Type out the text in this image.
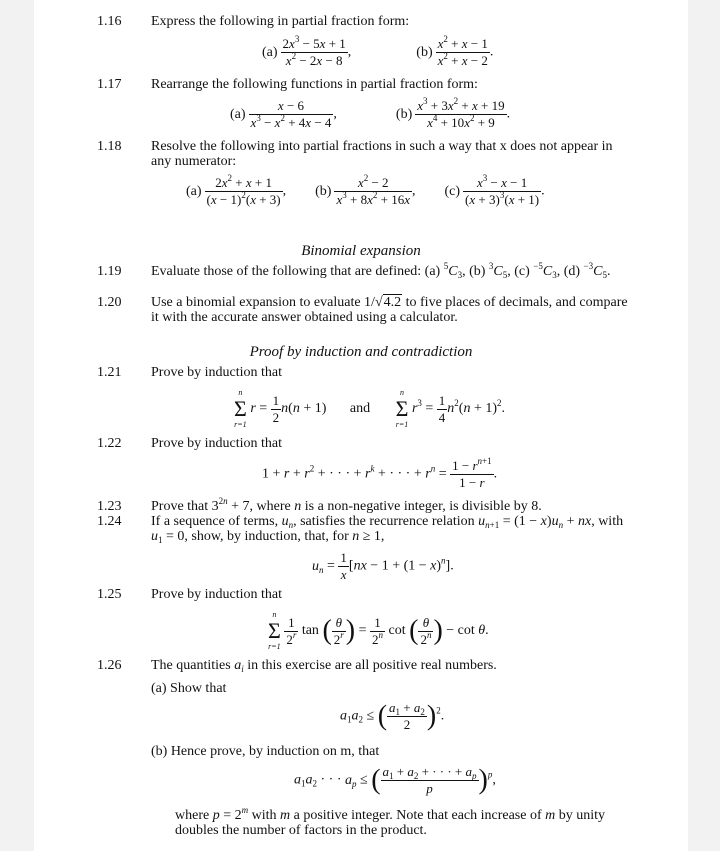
1.16 Express the following in partial fraction form:
$(a) \frac{2x^3 - 5x + 1}{x^2 - 2x - 8}$ ,	$(b) \frac{x^2 + x - 1}{x^2 + x - 2}$ .
1.17 Rearrange the following functions in partial fraction form:
$(a) \frac{x - 6}{x^3 - x^2 + 4x - 4}$ ,	$(b) \frac{x^3 + 3x^2 + x + 19}{x^4 + 10x^2 + 9}$ .
1.18 Resolve the following into partial fractions in such a way that x does not appear in any numerator:
$(a) \frac{2x^2 + x + 1}{(x - 1)^2(x + 3)}$ ,  $(b) \frac{x^2 - 2}{x^3 + 8x^2 + 16x}$ ,  $(c) \frac{x^3 - x - 1}{(x + 3)^3(x + 1)}$ .
Binomial expansion
1.19 Evaluate those of the following that are defined: (a) $^5C_3$, (b) $^3C_5$, (c) $^{-5}C_3$, (d) $^{-3}C_5$.
1.20 Use a binomial expansion to evaluate 1/√4.2 to five places of decimals, and compare it with the accurate answer obtained using a calculator.
Proof by induction and contradiction
1.21 Prove by induction that
n
Σ
r=1
$r = \frac{1}{2} n(n + 1)$ and
n
Σ
r=1
$r^3 = \frac{1}{4} n^2(n + 1)^2$.
1.22 Prove by induction that
$1 + r + r^2$ + · · · + $r^k$ + · · · + $r^n = \frac{1 - r^{n+1}}{1 - r}$ .
1.23 Prove that $3^{2n} + 7$, where n is a non-negative integer, is divisible by 8.
1.24 If a sequence of terms, $u_n$, satisfies the recurrence relation $u_{n+1} = (1 - x)u_n$ + nx, with $u_1 = 0$, show, by induction, that, for n ≥ 1,
$u_n = \frac{1}{x} [nx - 1 + (1 - x)^n]$.
1.25 Prove by induction that
n
Σ
r=1
$\frac{1}{2^r}$ tan ( $\frac{\theta}{2^r}$ ) = $\frac{1}{2^n}$ cot ( $\frac{\theta}{2^n}$ ) − cot θ.
1.26 The quantities $a_i$ in this exercise are all positive real numbers.
(a) Show that
$a_1a_2$ ≤ ( $\frac{a_1 + a_2}{2} )^2$.
(b) Hence prove, by induction on m, that
$a_1a_2$ · · · $a_p$ ≤ ( $\frac{a_1 + a_2 + \cdot \cdot \cdot + a_p}{p} )^p$,
where $p = 2^m$ with m a positive integer. Note that each increase of m by unity doubles the number of factors in the product.
